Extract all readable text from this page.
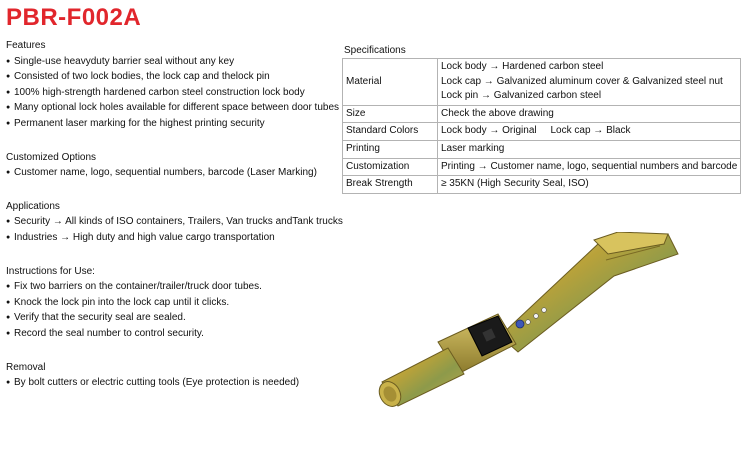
PBR-F002A

Features

● Single-use heavyduty barrier seal without any key
● Consisted of two lock bodies, the lock cap and thelock pin
● 100% high-strength hardened carbon steel construction lock body
● Many optional lock holes available for different space between door tubes
● Permanent laser marking for the highest printing security

Customized Options

● Customer name, logo, sequential numbers, barcode (Laser Marking)

Applications

● Security → All kinds of ISO containers, Trailers, Van trucks andTank trucks
● Industries → High duty and high value cargo transportation

Instructions for Use:

● Fix two barriers on the container/trailer/truck door tubes.
● Knock the lock pin into the lock cap until it clicks.
● Verify that the security seal are sealed.
● Record the seal number to control security.

Removal

● By bolt cutters or electric cutting tools (Eye protection is needed)

Specifications

Material	Lock body → Hardened carbon steel
Lock cap → Galvanized aluminum cover & Galvanized steel nut
Lock pin → Galvanized carbon steel

Size	Check the above drawing
Standard Colors	Lock body → Original     Lock cap → Black
Printing	Laser marking
Customization	Printing → Customer name, logo, sequential numbers and barcode
Break Strength	≥ 35KN (High Security Seal, ISO)
